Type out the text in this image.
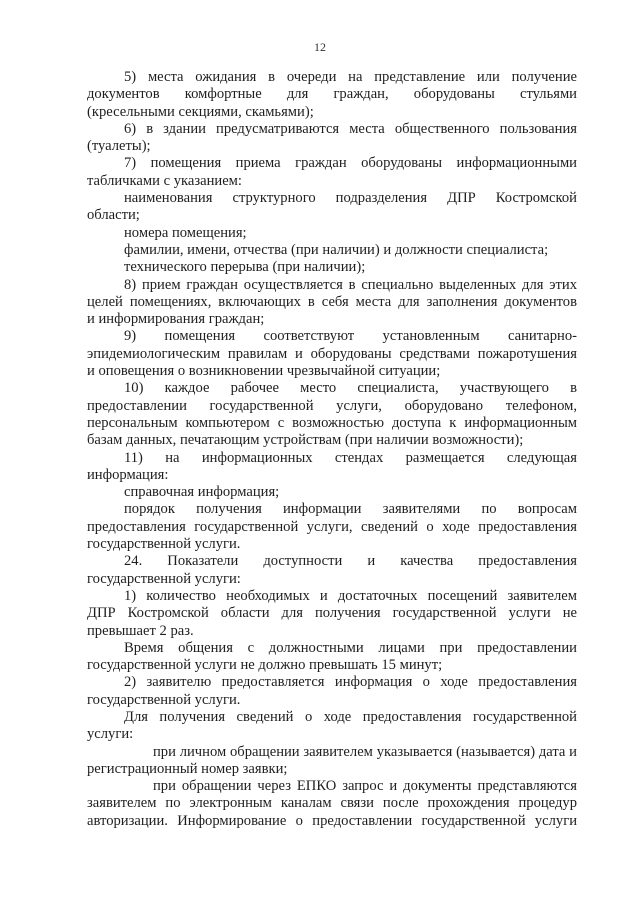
12
5) места ожидания в очереди на представление или получение
документов комфортные для граждан, оборудованы стульями
(кресельными секциями, скамьями);
6) в здании предусматриваются места общественного пользования
(туалеты);
7) помещения приема граждан оборудованы информационными
табличками с указанием:
наименования структурного подразделения ДПР Костромской
области;
номера помещения;
фамилии, имени, отчества (при наличии) и должности специалиста;
технического перерыва (при наличии);
8) прием граждан осуществляется в специально выделенных для этих
целей помещениях, включающих в себя места для заполнения документов
и информирования граждан;
9) помещения соответствуют установленным санитарно-
эпидемиологическим правилам и оборудованы средствами пожаротушения
и оповещения о возникновении чрезвычайной ситуации;
10) каждое рабочее место специалиста, участвующего в
предоставлении государственной услуги, оборудовано телефоном,
персональным компьютером с возможностью доступа к информационным
базам данных, печатающим устройствам (при наличии возможности);
11) на информационных стендах размещается следующая
информация:
справочная информация;
порядок получения информации заявителями по вопросам
предоставления государственной услуги, сведений о ходе предоставления
государственной услуги.
24. Показатели доступности и качества предоставления
государственной услуги:
1) количество необходимых и достаточных посещений заявителем
ДПР Костромской области для получения государственной услуги не
превышает 2 раз.
Время общения с должностными лицами при предоставлении
государственной услуги не должно превышать 15 минут;
2) заявителю предоставляется информация о ходе предоставления
государственной услуги.
Для получения сведений о ходе предоставления государственной
услуги:
при личном обращении заявителем указывается (называется) дата и
регистрационный номер заявки;
при обращении через ЕПКО запрос и документы представляются
заявителем по электронным каналам связи после прохождения процедур
авторизации. Информирование о предоставлении государственной услуги
